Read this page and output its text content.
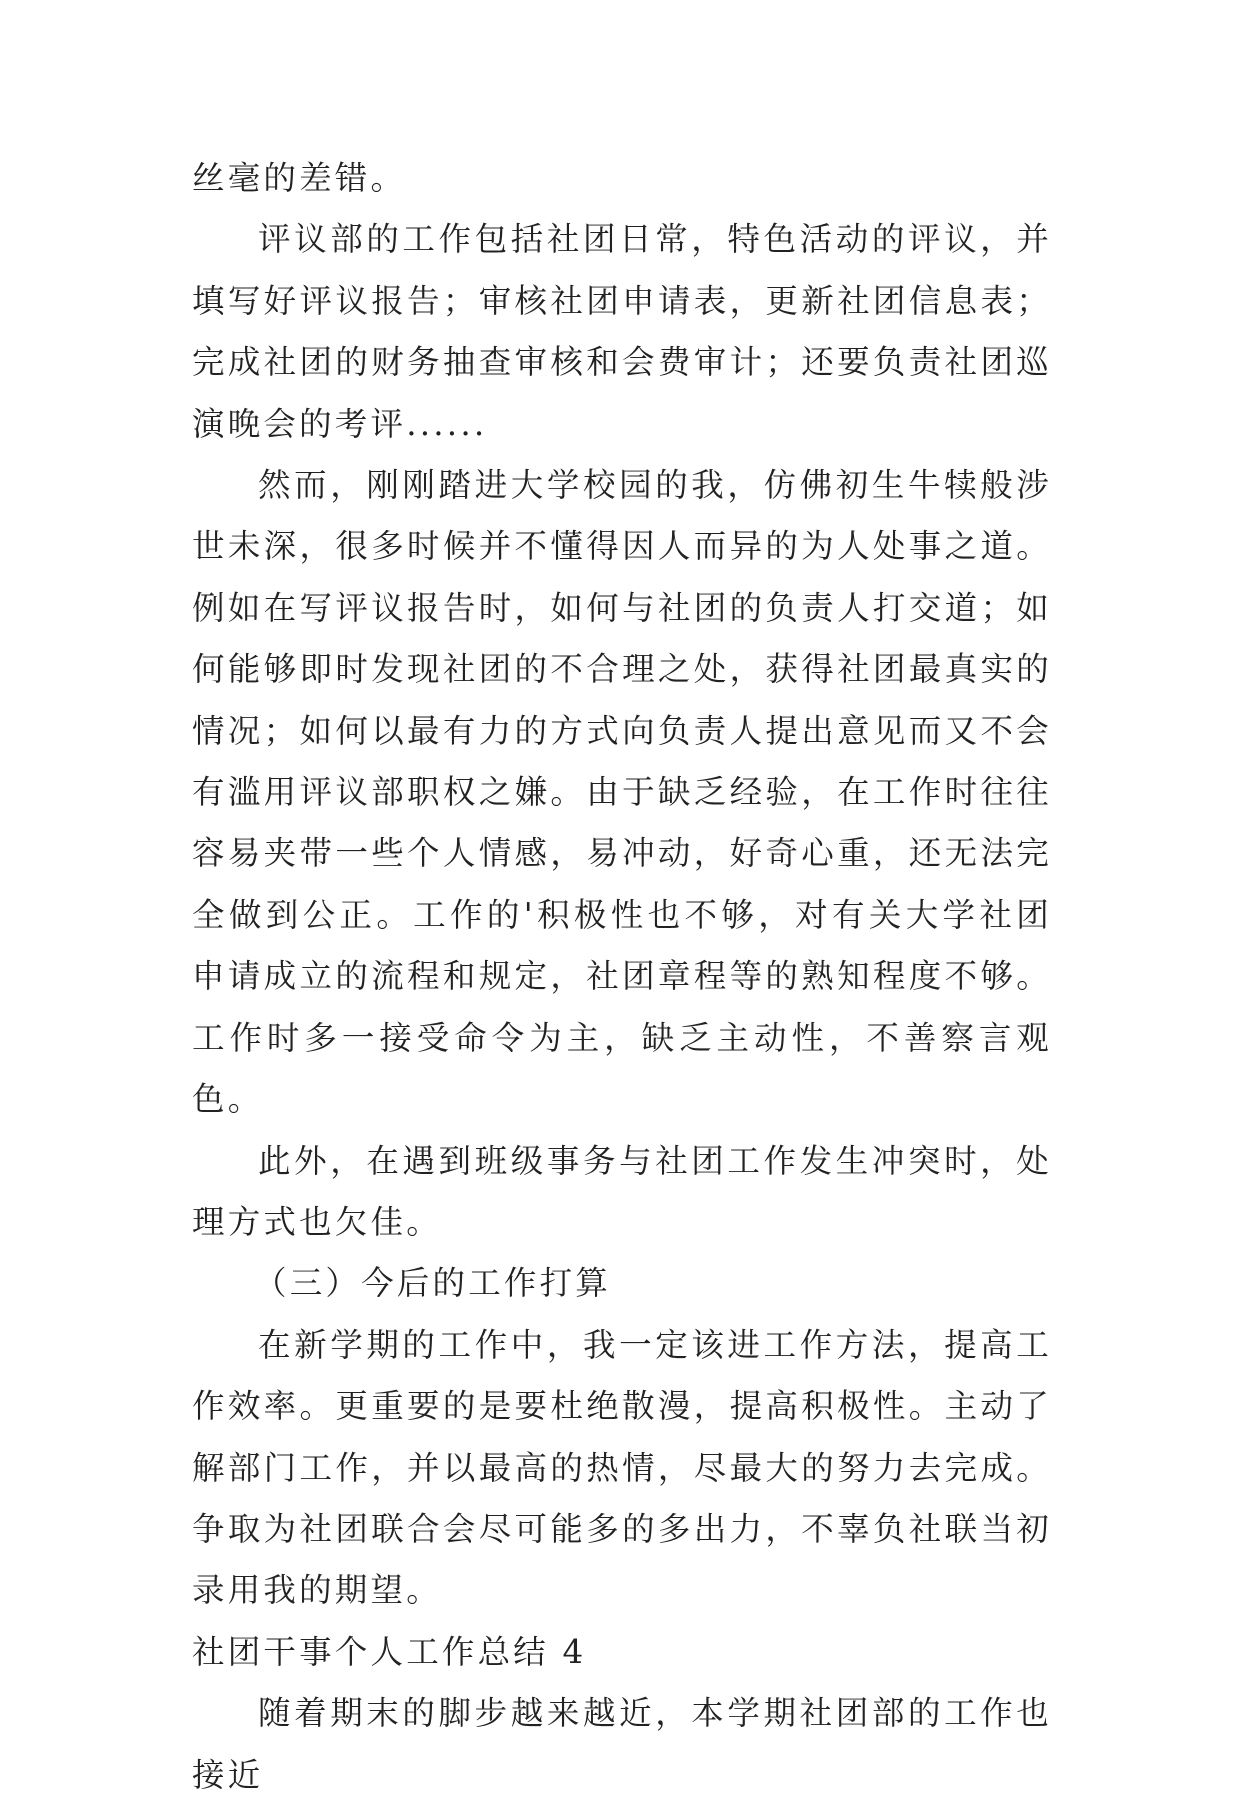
丝毫的差错。

评议部的工作包括社团日常，特色活动的评议，并填写好评议报告；审核社团申请表，更新社团信息表；完成社团的财务抽查审核和会费审计；还要负责社团巡演晚会的考评......

然而，刚刚踏进大学校园的我，仿佛初生牛犊般涉世未深，很多时候并不懂得因人而异的为人处事之道。例如在写评议报告时，如何与社团的负责人打交道；如何能够即时发现社团的不合理之处，获得社团最真实的情况；如何以最有力的方式向负责人提出意见而又不会有滥用评议部职权之嫌。由于缺乏经验，在工作时往往容易夹带一些个人情感，易冲动，好奇心重，还无法完全做到公正。工作的'积极性也不够，对有关大学社团申请成立的流程和规定，社团章程等的熟知程度不够。工作时多一接受命令为主，缺乏主动性，不善察言观色。

此外，在遇到班级事务与社团工作发生冲突时，处理方式也欠佳。

（三）今后的工作打算

在新学期的工作中，我一定该进工作方法，提高工作效率。更重要的是要杜绝散漫，提高积极性。主动了解部门工作，并以最高的热情，尽最大的努力去完成。争取为社团联合会尽可能多的多出力，不辜负社联当初录用我的期望。

社团干事个人工作总结 4

随着期末的脚步越来越近，本学期社团部的工作也接近
